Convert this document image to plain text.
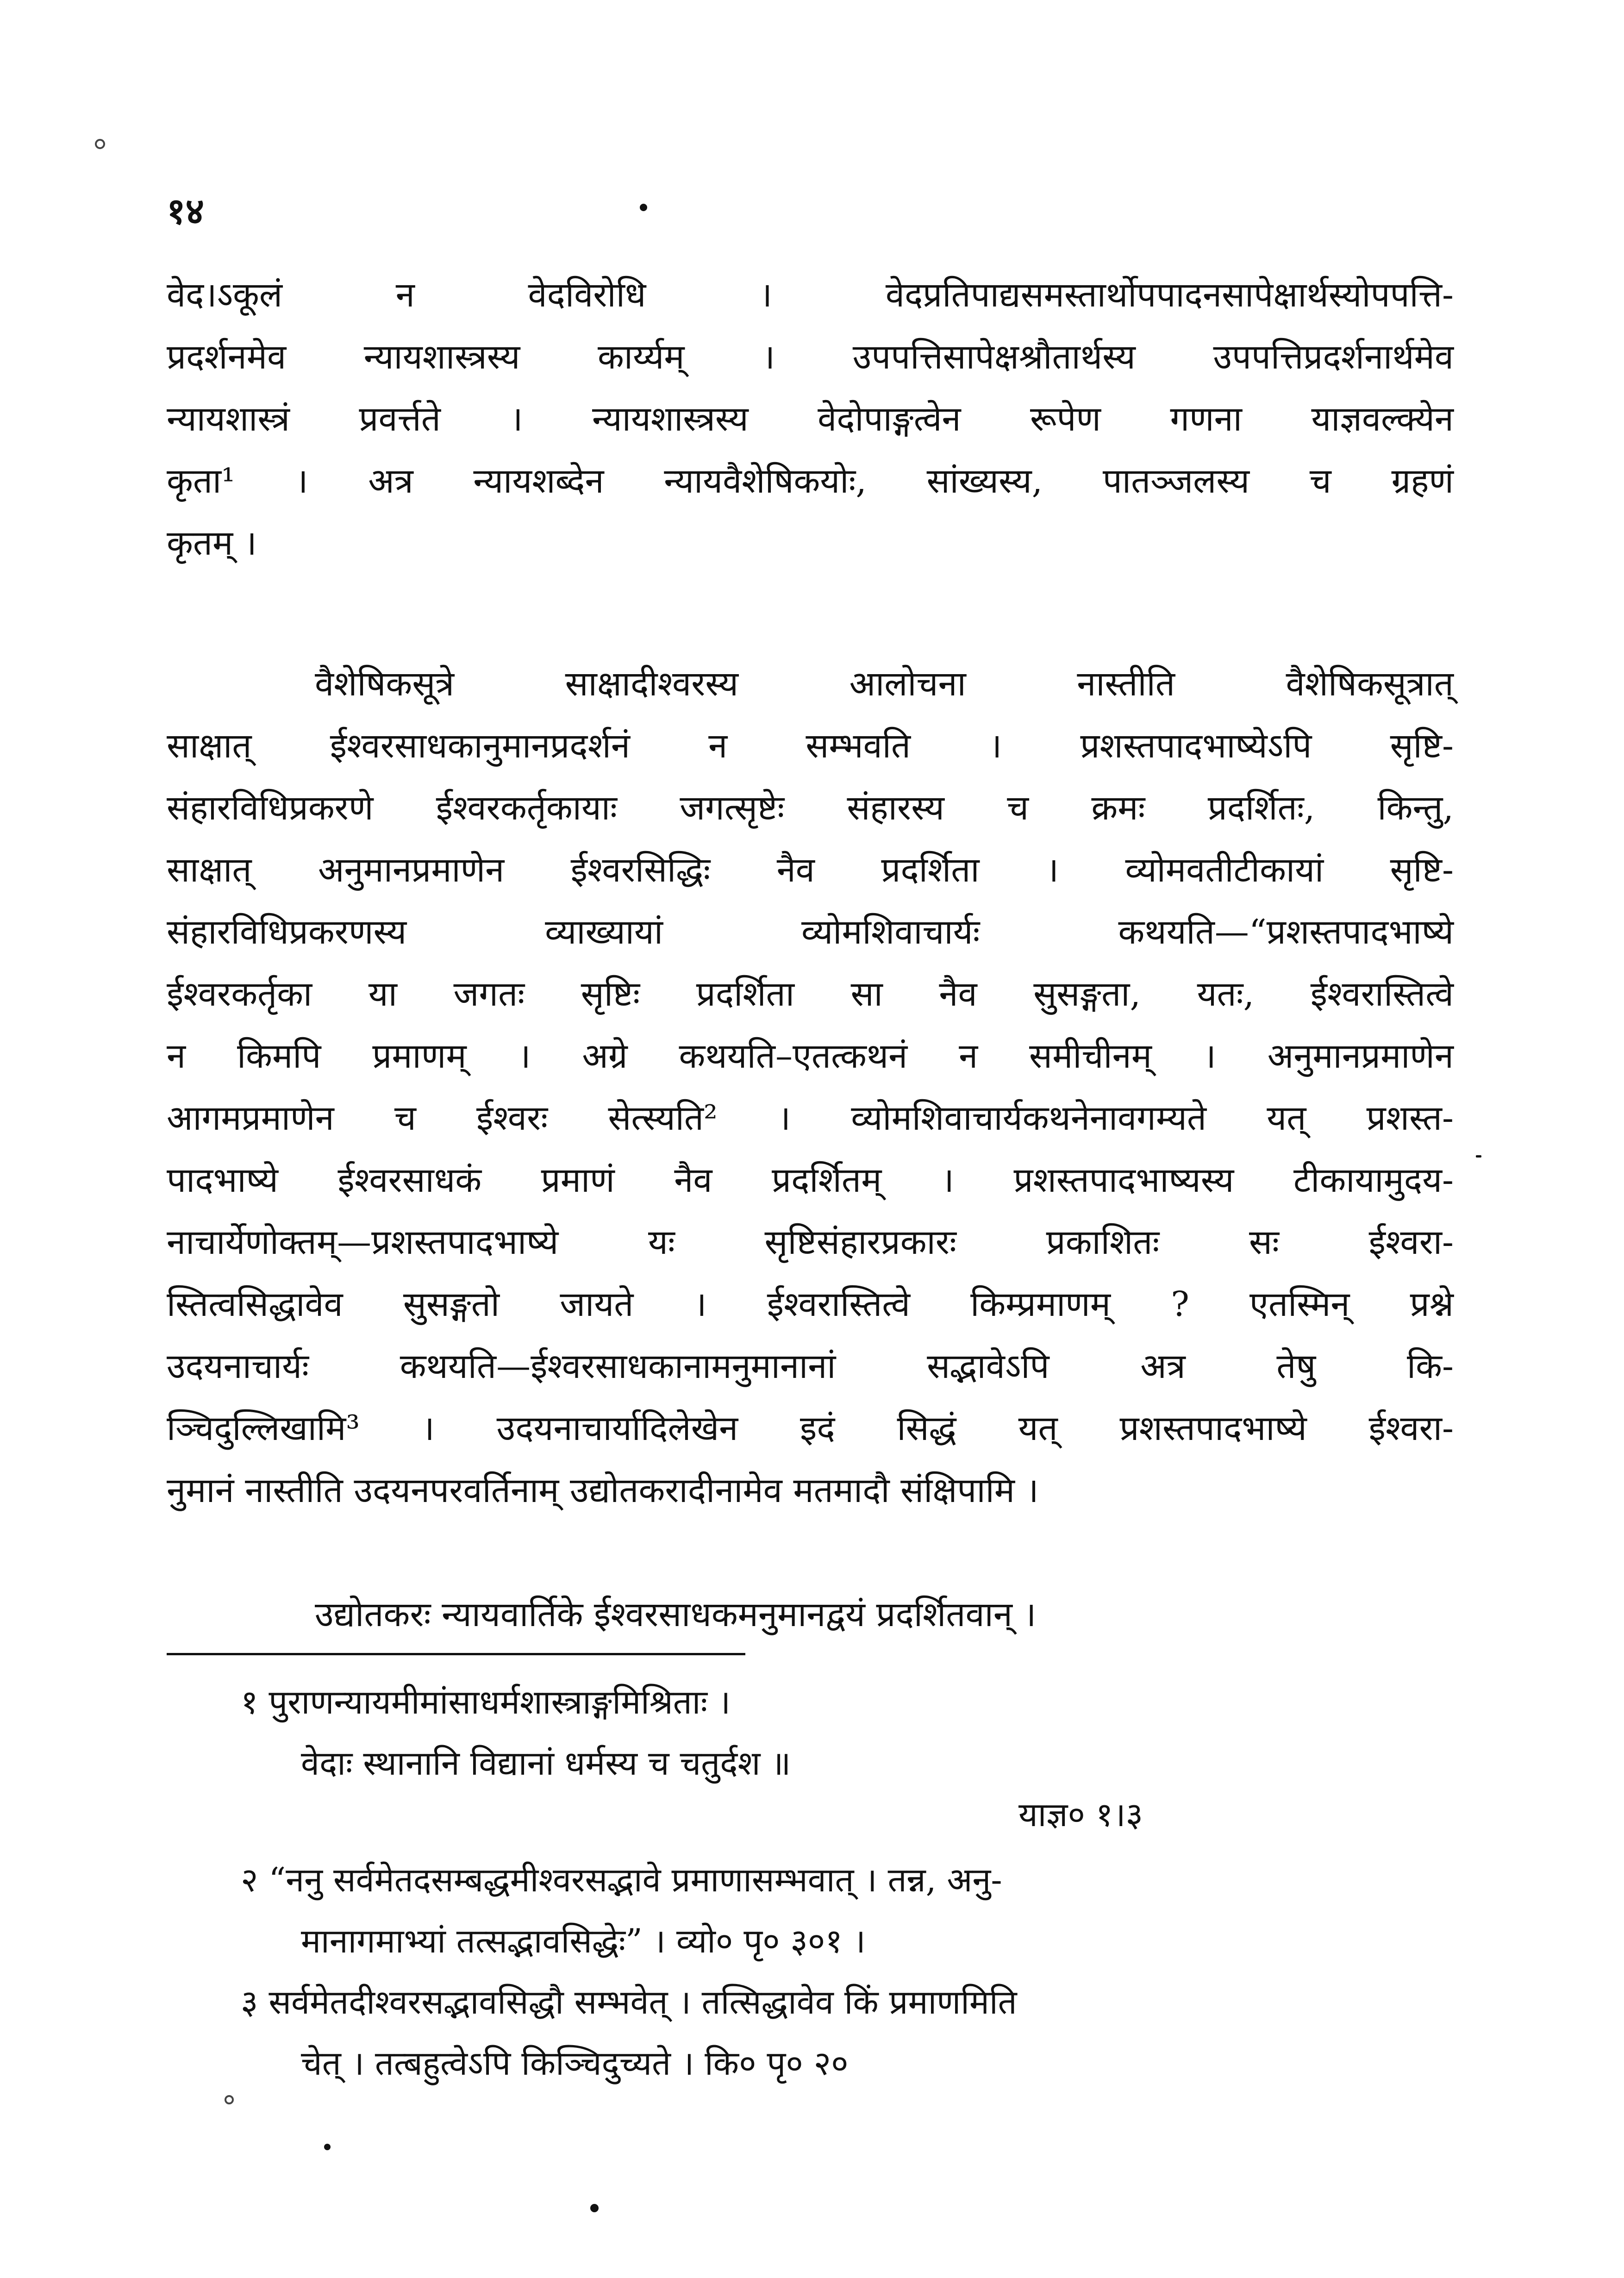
१४

वेद।ऽकूलं न वेदविरोधि । वेदप्रतिपाद्यसमस्तार्थोपपादनसापेक्षार्थस्योपपत्ति-

प्रदर्शनमेव न्यायशास्त्रस्य कार्य्यम् । उपपत्तिसापेक्षश्रौतार्थस्य उपपत्तिप्रदर्शनार्थमेव

न्यायशास्त्रं प्रवर्त्तते । न्यायशास्त्रस्य वेदोपाङ्गत्वेन रूपेण गणना याज्ञवल्क्येन

कृता¹ । अत्र न्यायशब्देन न्यायवैशेषिकयोः, सांख्यस्य, पातञ्जलस्य च ग्रहणं

कृतम् ।

वैशेषिकसूत्रे साक्षादीश्वरस्य आलोचना नास्तीति वैशेषिकसूत्रात्

साक्षात् ईश्वरसाधकानुमानप्रदर्शनं न सम्भवति । प्रशस्तपादभाष्येऽपि सृष्टि-

संहारविधिप्रकरणे ईश्वरकर्तृकायाः जगत्सृष्टेः संहारस्य च क्रमः प्रदर्शितः, किन्तु,

साक्षात् अनुमानप्रमाणेन ईश्वरसिद्धिः नैव प्रदर्शिता । व्योमवतीटीकायां सृष्टि-

संहारविधिप्रकरणस्य व्याख्यायां व्योमशिवाचार्यः कथयति—“प्रशस्तपादभाष्ये

ईश्वरकर्तृका या जगतः सृष्टिः प्रदर्शिता सा नैव सुसङ्गता, यतः, ईश्वरास्तित्वे

न किमपि प्रमाणम् । अग्रे कथयति–एतत्कथनं न समीचीनम् । अनुमानप्रमाणेन

आगमप्रमाणेन च ईश्वरः सेत्स्यति² । व्योमशिवाचार्यकथनेनावगम्यते यत् प्रशस्त-

पादभाष्ये ईश्वरसाधकं प्रमाणं नैव प्रदर्शितम् । प्रशस्तपादभाष्यस्य टीकायामुदय-

नाचार्येणोक्तम्—प्रशस्तपादभाष्ये यः सृष्टिसंहारप्रकारः प्रकाशितः सः ईश्वरा-

स्तित्वसिद्धावेव सुसङ्गतो जायते । ईश्वरास्तित्वे किम्प्रमाणम् ? एतस्मिन् प्रश्ने

उदयनाचार्यः कथयति—ईश्वरसाधकानामनुमानानां सद्भावेऽपि अत्र तेषु कि-

ञ्चिदुल्लिखामि³ । उदयनाचार्यादिलेखेन इदं सिद्धं यत् प्रशस्तपादभाष्ये ईश्वरा-

नुमानं नास्तीति उदयनपरवर्तिनाम् उद्योतकरादीनामेव मतमादौ संक्षिपामि ।

उद्योतकरः न्यायवार्तिके ईश्वरसाधकमनुमानद्वयं प्रदर्शितवान् ।

१ पुराणन्यायमीमांसाधर्मशास्त्राङ्गमिश्रिताः ।

वेदाः स्थानानि विद्यानां धर्मस्य च चतुर्दश ॥

याज्ञ० १।३

२ “ननु सर्वमेतदसम्बद्धमीश्वरसद्भावे प्रमाणासम्भवात् । तन्न, अनु-

मानागमाभ्यां तत्सद्भावसिद्धेः” । व्यो० पृ० ३०१ ।

३ सर्वमेतदीश्वरसद्भावसिद्धौ सम्भवेत् । तत्सिद्धावेव किं प्रमाणमिति

चेत् । तत्बहुत्वेऽपि किञ्चिदुच्यते । कि० पृ० २०
